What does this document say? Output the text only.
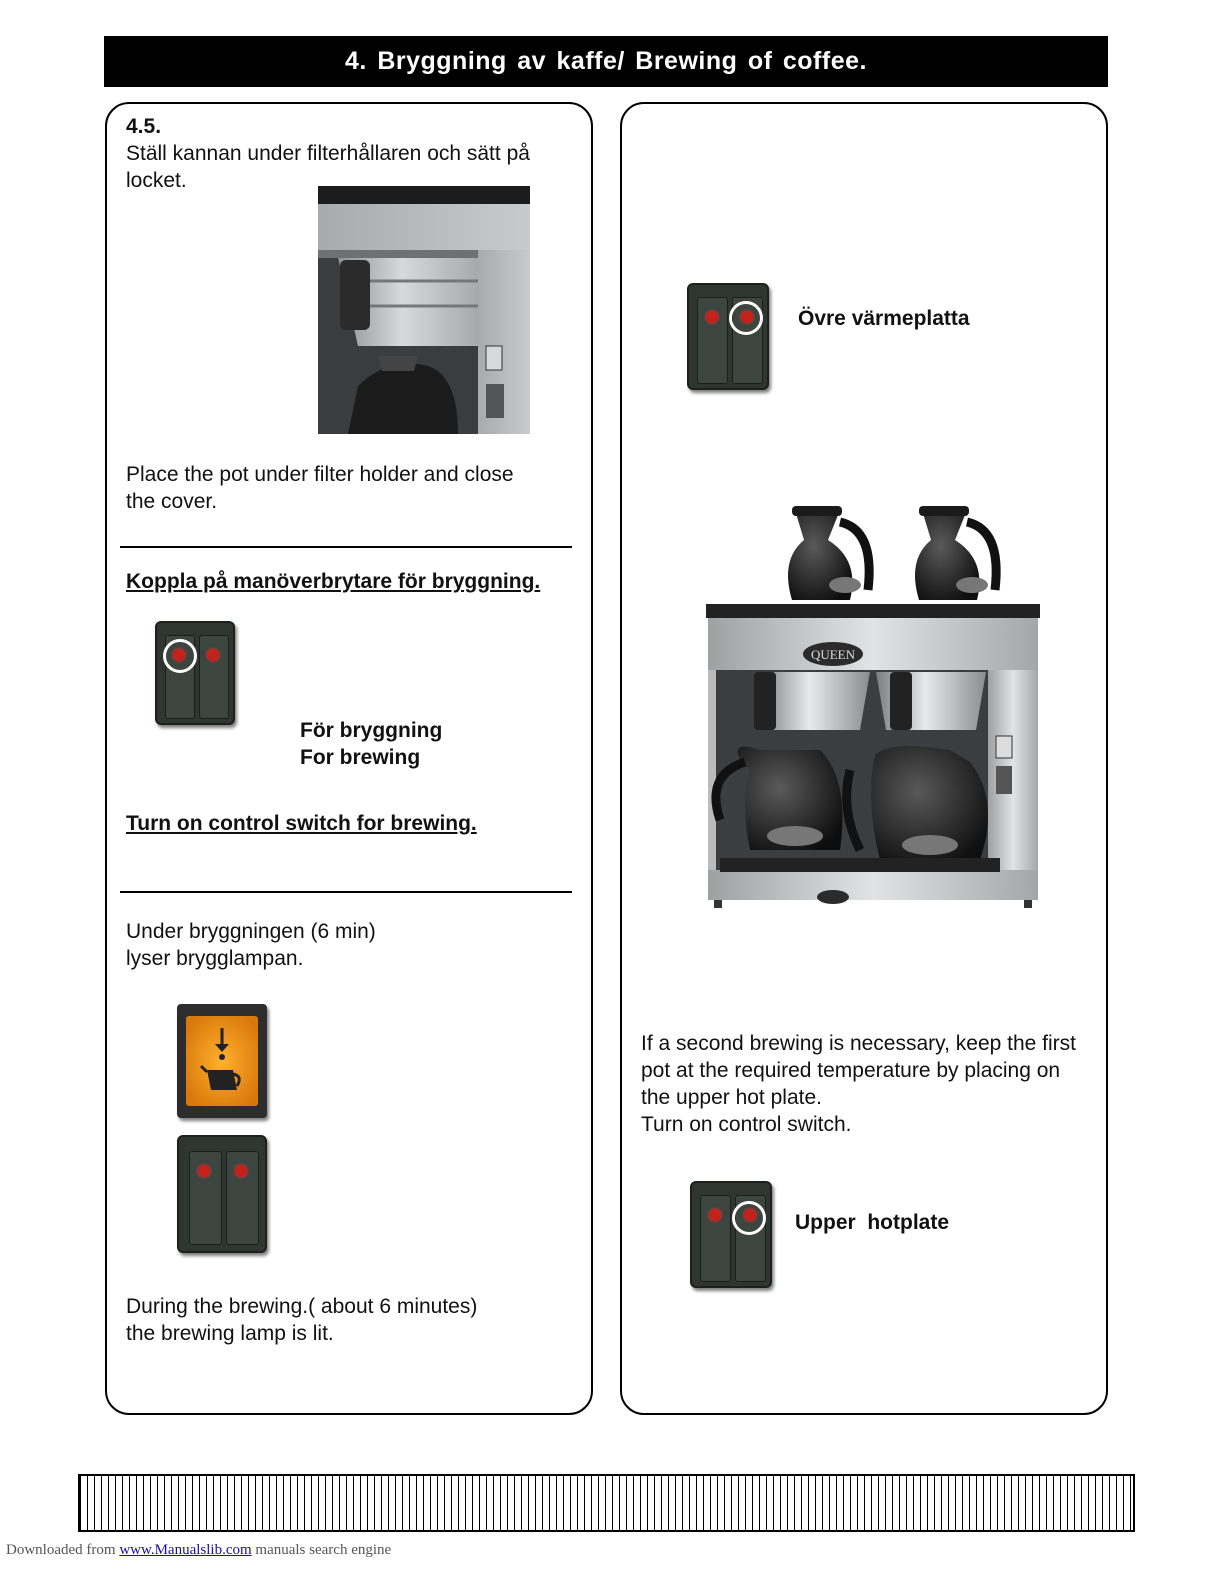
4. Bryggning av kaffe/ Brewing of coffee.
4.5.
Ställ kannan under filterhållaren och sätt på
locket.
Place the pot under filter holder and close
the cover.
Koppla på manöverbrytare för bryggning.
För bryggning
For brewing
Turn on control switch for brewing.
Under bryggningen (6 min)
lyser brygglampan.
During the brewing.( about 6 minutes)
the brewing lamp is lit.
Övre värmeplatta
QUEEN
If a second brewing is necessary, keep the first
pot at the required temperature by placing on
the upper hot plate.
Turn on control switch.
Upper  hotplate
Downloaded from www.Manualslib.com manuals search engine
